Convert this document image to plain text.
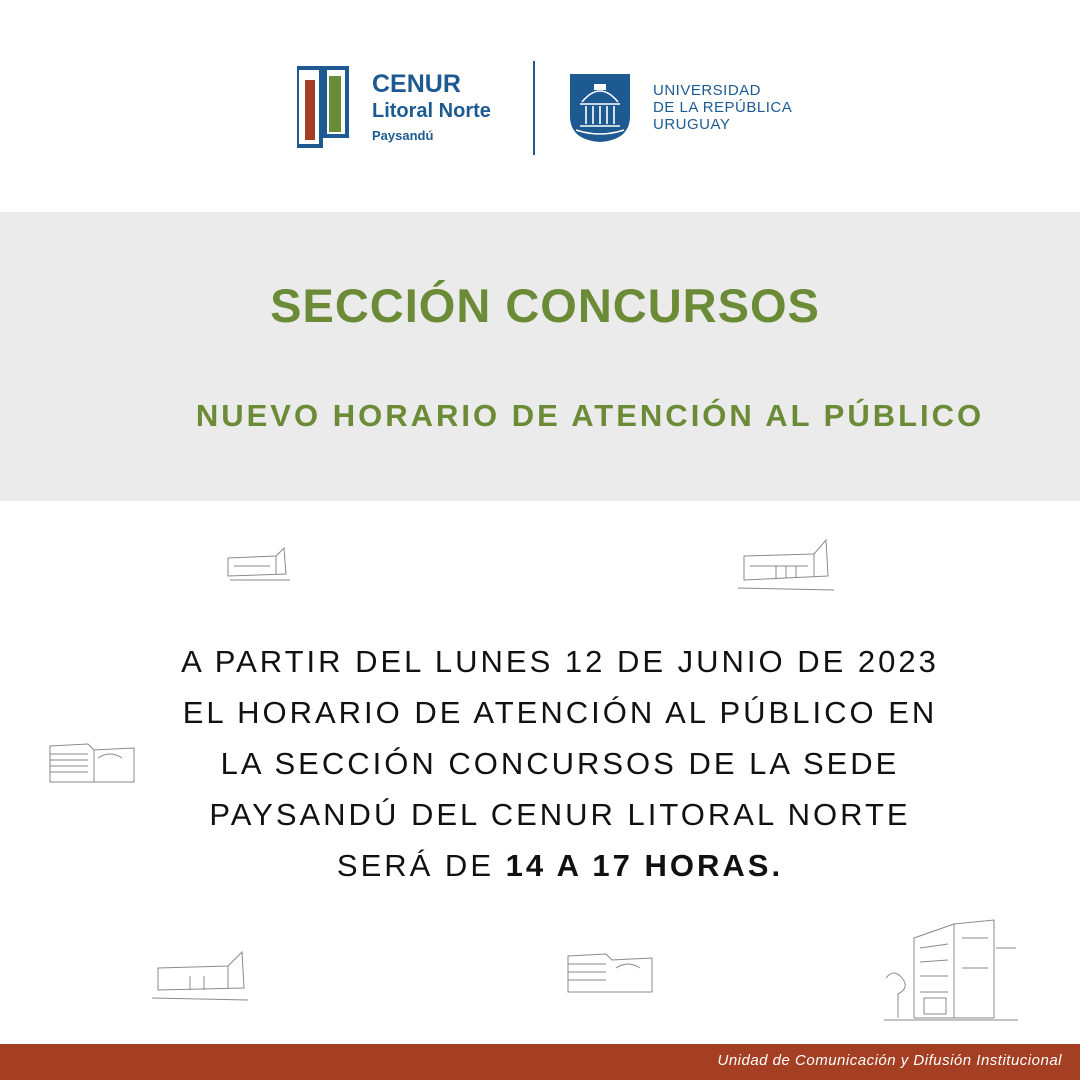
CENUR
Litoral Norte
Paysandú
UNIVERSIDAD
DE LA REPÚBLICA
URUGUAY
SECCIÓN CONCURSOS
NUEVO HORARIO DE ATENCIÓN AL PÚBLICO
A PARTIR DEL LUNES 12 DE JUNIO DE 2023
EL HORARIO DE ATENCIÓN AL PÚBLICO EN
LA SECCIÓN CONCURSOS DE LA SEDE
PAYSANDÚ DEL CENUR LITORAL NORTE
SERÁ DE 14 A 17 HORAS.
Unidad de Comunicación y Difusión Institucional
